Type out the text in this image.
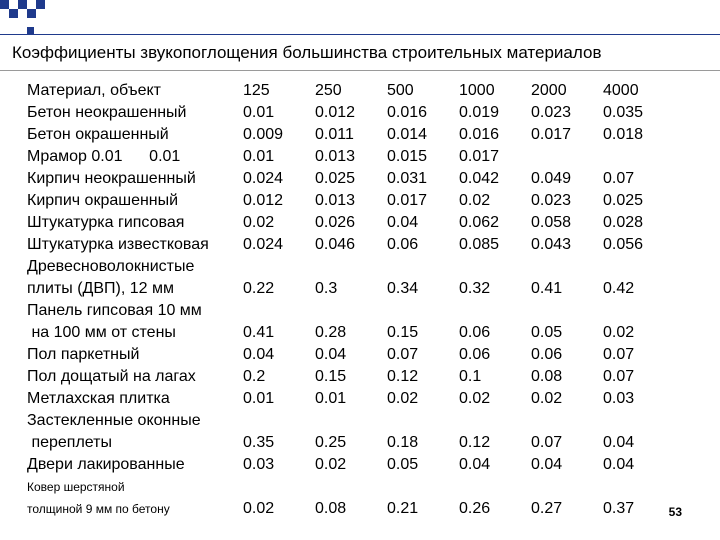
Коэффициенты звукопоглощения большинства строительных материалов
Материал, объект	125	250	500	1000 2000 4000
Бетон неокрашенный	0.01	0.012 0.016 0.019 0.023 0.035
Бетон окрашенный	0.009 0.011 0.014 0.016 0.017 0.018
Мрамор 0.01      0.01	0.01	0.013 0.015 0.017
Кирпич неокрашенный	0.024 0.025 0.031 0.042 0.049 0.07
Кирпич окрашенный	0.012 0.013 0.017 0.02	0.023 0.025
Штукатурка гипсовая	0.02	0.026 0.04	0.062 0.058 0.028
Штукатурка известковая 0.024 0.046 0.06	0.085 0.043 0.056
Древесноволокнистые
плиты (ДВП), 12 мм	0.22	0.3	0.34	0.32	0.41	0.42
Панель гипсовая 10 мм
на 100 мм от стены	0.41	0.28	0.15	0.06	0.05	0.02
Пол паркетный	0.04	0.04	0.07	0.06	0.06	0.07
Пол дощатый на лагах	0.2	0.15	0.12	0.1	0.08	0.07
Метлахская плитка	0.01	0.01	0.02	0.02	0.02	0.03
Застекленные оконные
переплеты	0.35	0.25	0.18	0.12	0.07	0.04
Двери лакированные	0.03	0.02	0.05	0.04	0.04	0.04
Ковер шерстяной
толщиной 9 мм по бетону	0.02	0.08	0.21	0.26	0.27	0.37	53
